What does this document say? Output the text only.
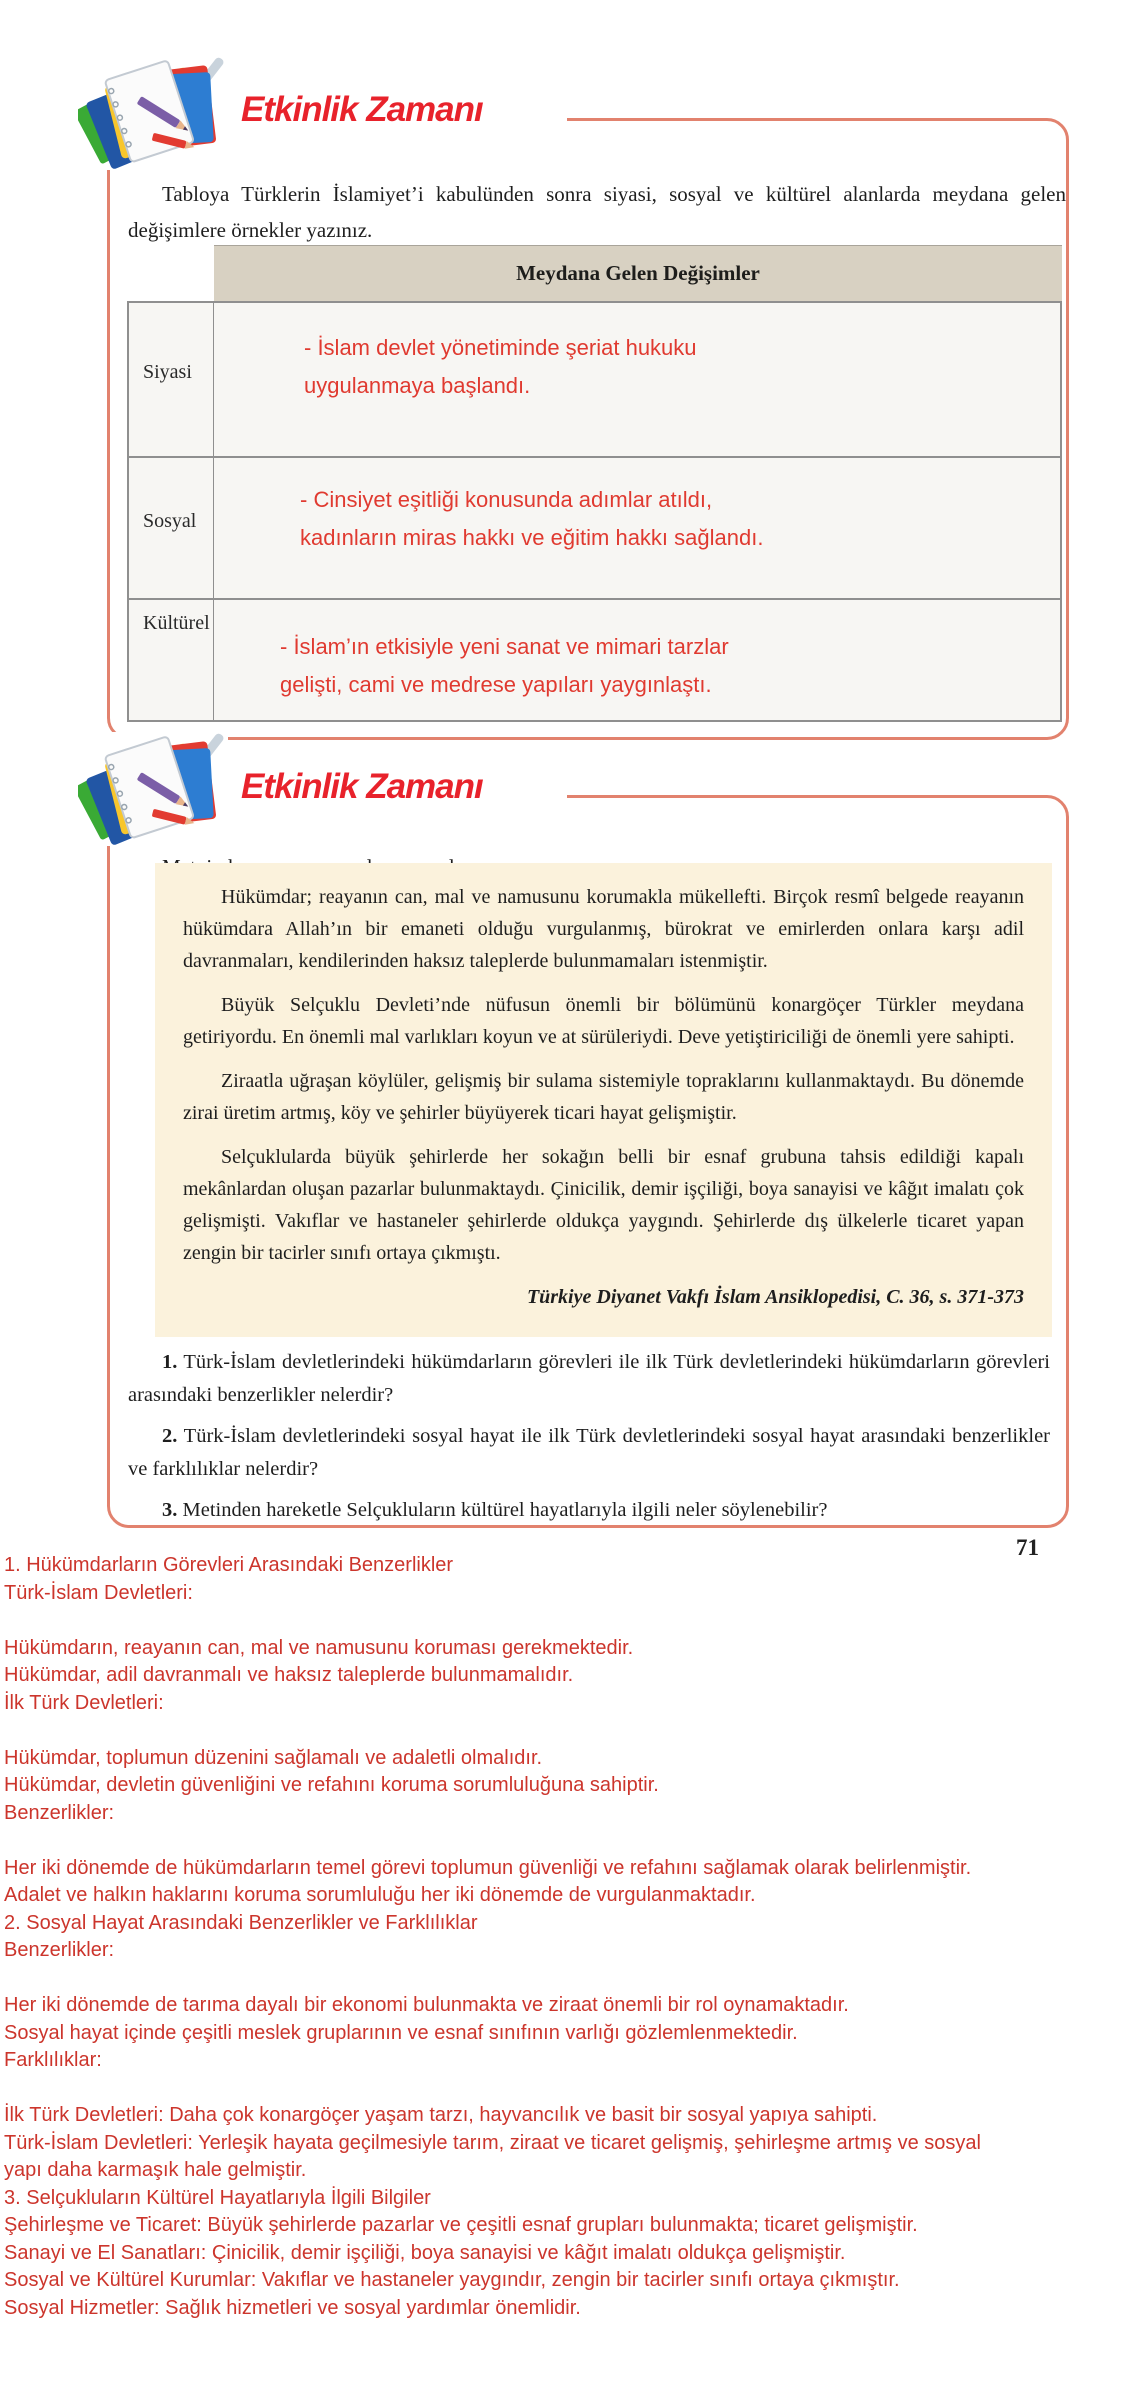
Tabloya Türklerin İslamiyet’i kabulünden sonra siyasi, sosyal ve kültürel alanlarda meydana gelen değişimlere örnekler yazınız.

Meydana Gelen Değişimler
Siyasi
- İslam devlet yönetiminde şeriat hukuku
uygulanmaya başlandı.
Sosyal
- Cinsiyet eşitliği konusunda adımlar atıldı,
kadınların miras hakkı ve eğitim hakkı sağlandı.
Kültürel
- İslam’ın etkisiyle yeni sanat ve mimari tarzlar
gelişti, cami ve medrese yapıları yaygınlaştı.

Hükümdar; reayanın can, mal ve namusunu korumakla mükellefti. Birçok resmî belgede reayanın hükümdara Allah’ın bir emaneti olduğu vurgulanmış, bürokrat ve emirlerden onlara karşı adil davranmaları, kendilerinden haksız taleplerde bulunmamaları istenmiştir.

Büyük Selçuklu Devleti’nde nüfusun önemli bir bölümünü konargöçer Türkler meydana getiriyordu. En önemli mal varlıkları koyun ve at sürüleriydi. Deve yetiştiriciliği de önemli yere sahipti.

Ziraatla uğraşan köylüler, gelişmiş bir sulama sistemiyle topraklarını kullanmaktaydı. Bu dönemde zirai üretim artmış, köy ve şehirler büyüyerek ticari hayat gelişmiştir.

Selçuklularda büyük şehirlerde her sokağın belli bir esnaf grubuna tahsis edildiği kapalı mekânlardan oluşan pazarlar bulunmaktaydı. Çinicilik, demir işçiliği, boya sanayisi ve kâğıt imalatı çok gelişmişti. Vakıflar ve hastaneler şehirlerde oldukça yaygındı. Şehirlerde dış ülkelerle ticaret yapan zengin bir tacirler sınıfı ortaya çıkmıştı.

Türkiye Diyanet Vakfı İslam Ansiklopedisi, C. 36, s. 371-373

1. Türk-İslam devletlerindeki hükümdarların görevleri ile ilk Türk devletlerindeki hükümdarların görevleri arasındaki benzerlikler nelerdir?

2. Türk-İslam devletlerindeki sosyal hayat ile ilk Türk devletlerindeki sosyal hayat arasındaki benzerlikler ve farklılıklar nelerdir?

3. Metinden hareketle Selçukluların kültürel hayatlarıyla ilgili neler söylenebilir?

Etkinlik Zamanı
Etkinlik Zamanı
71
1. Hükümdarların Görevleri Arasındaki Benzerlikler
Türk-İslam Devletleri:
Hükümdarın, reayanın can, mal ve namusunu koruması gerekmektedir.
Hükümdar, adil davranmalı ve haksız taleplerde bulunmamalıdır.
İlk Türk Devletleri:
Hükümdar, toplumun düzenini sağlamalı ve adaletli olmalıdır.
Hükümdar, devletin güvenliğini ve refahını koruma sorumluluğuna sahiptir.
Benzerlikler:
Her iki dönemde de hükümdarların temel görevi toplumun güvenliği ve refahını sağlamak olarak belirlenmiştir.
Adalet ve halkın haklarını koruma sorumluluğu her iki dönemde de vurgulanmaktadır.
2. Sosyal Hayat Arasındaki Benzerlikler ve Farklılıklar
Benzerlikler:
Her iki dönemde de tarıma dayalı bir ekonomi bulunmakta ve ziraat önemli bir rol oynamaktadır.
Sosyal hayat içinde çeşitli meslek gruplarının ve esnaf sınıfının varlığı gözlemlenmektedir.
Farklılıklar:
İlk Türk Devletleri: Daha çok konargöçer yaşam tarzı, hayvancılık ve basit bir sosyal yapıya sahipti.
Türk-İslam Devletleri: Yerleşik hayata geçilmesiyle tarım, ziraat ve ticaret gelişmiş, şehirleşme artmış ve sosyal
yapı daha karmaşık hale gelmiştir.
3. Selçukluların Kültürel Hayatlarıyla İlgili Bilgiler
Şehirleşme ve Ticaret: Büyük şehirlerde pazarlar ve çeşitli esnaf grupları bulunmakta; ticaret gelişmiştir.
Sanayi ve El Sanatları: Çinicilik, demir işçiliği, boya sanayisi ve kâğıt imalatı oldukça gelişmiştir.
Sosyal ve Kültürel Kurumlar: Vakıflar ve hastaneler yaygındır, zengin bir tacirler sınıfı ortaya çıkmıştır.
Sosyal Hizmetler: Sağlık hizmetleri ve sosyal yardımlar önemlidir.
